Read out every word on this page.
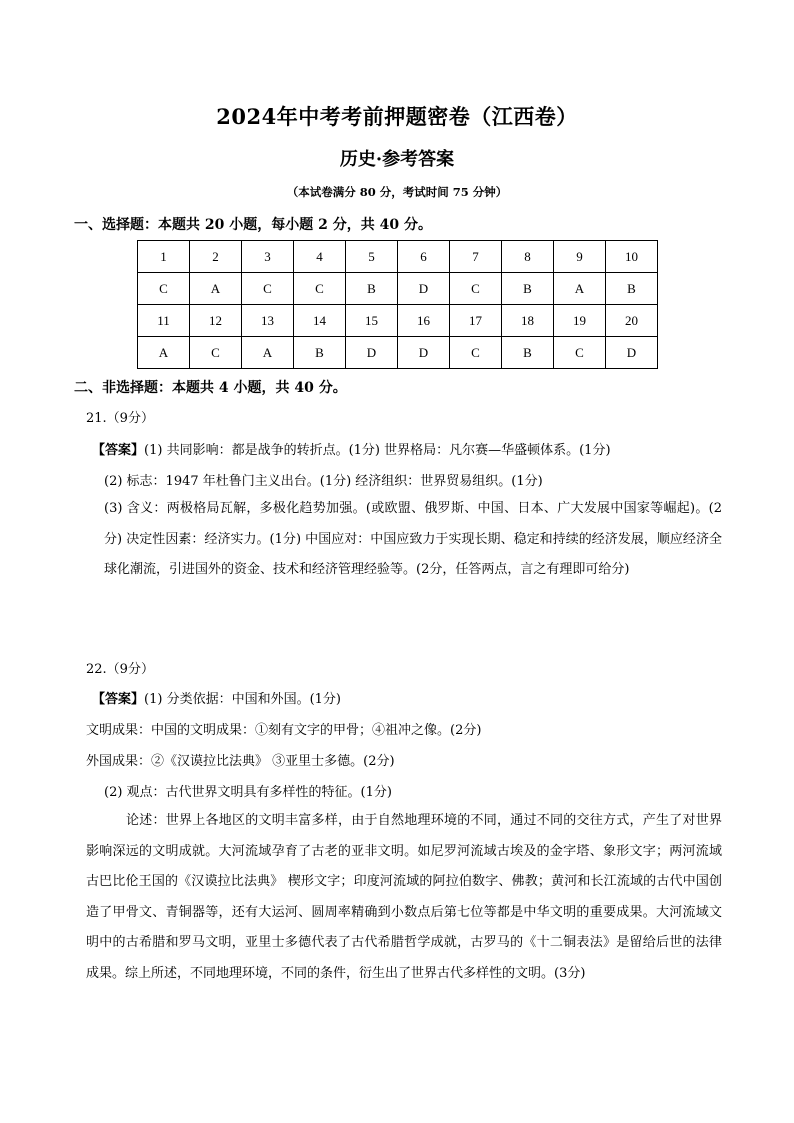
2024年中考考前押题密卷（江西卷）
历史·参考答案
（本试卷满分 80 分，考试时间 75 分钟）
一、选择题：本题共 20 小题，每小题 2 分，共 40 分。
1	2	3	4	5	6	7	8	9	10
C	A	C	C	B	D	C	B	A	B
11	12	13	14	15	16	17	18	19	20
A	C	A	B	D	D	C	B	C	D
二、非选择题：本题共 4 小题，共 40 分。
21.（9分）
【答案】(1) 共同影响：都是战争的转折点。(1分) 世界格局：凡尔赛—华盛顿体系。(1分)
(2) 标志：1947 年杜鲁门主义出台。(1分) 经济组织：世界贸易组织。(1分)
(3) 含义：两极格局瓦解，多极化趋势加强。(或欧盟、俄罗斯、中国、日本、广大发展中国家等崛起)。(2分) 决定性因素：经济实力。(1分) 中国应对：中国应致力于实现长期、稳定和持续的经济发展，顺应经济全球化潮流，引进国外的资金、技术和经济管理经验等。(2分，任答两点，言之有理即可给分)
22.（9分）
【答案】(1) 分类依据：中国和外国。(1分)
文明成果：中国的文明成果：①刻有文字的甲骨；④祖冲之像。(2分)
外国成果：②《汉谟拉比法典》 ③亚里士多德。(2分)
(2) 观点：古代世界文明具有多样性的特征。(1分)
论述：世界上各地区的文明丰富多样，由于自然地理环境的不同，通过不同的交往方式，产生了对世界影响深远的文明成就。大河流域孕育了古老的亚非文明。如尼罗河流域古埃及的金字塔、象形文字；两河流域古巴比伦王国的《汉谟拉比法典》 楔形文字；印度河流域的阿拉伯数字、佛教；黄河和长江流域的古代中国创造了甲骨文、青铜器等，还有大运河、圆周率精确到小数点后第七位等都是中华文明的重要成果。大河流域文明中的古希腊和罗马文明，亚里士多德代表了古代希腊哲学成就，古罗马的《十二铜表法》是留给后世的法律成果。综上所述，不同地理环境，不同的条件，衍生出了世界古代多样性的文明。(3分)
